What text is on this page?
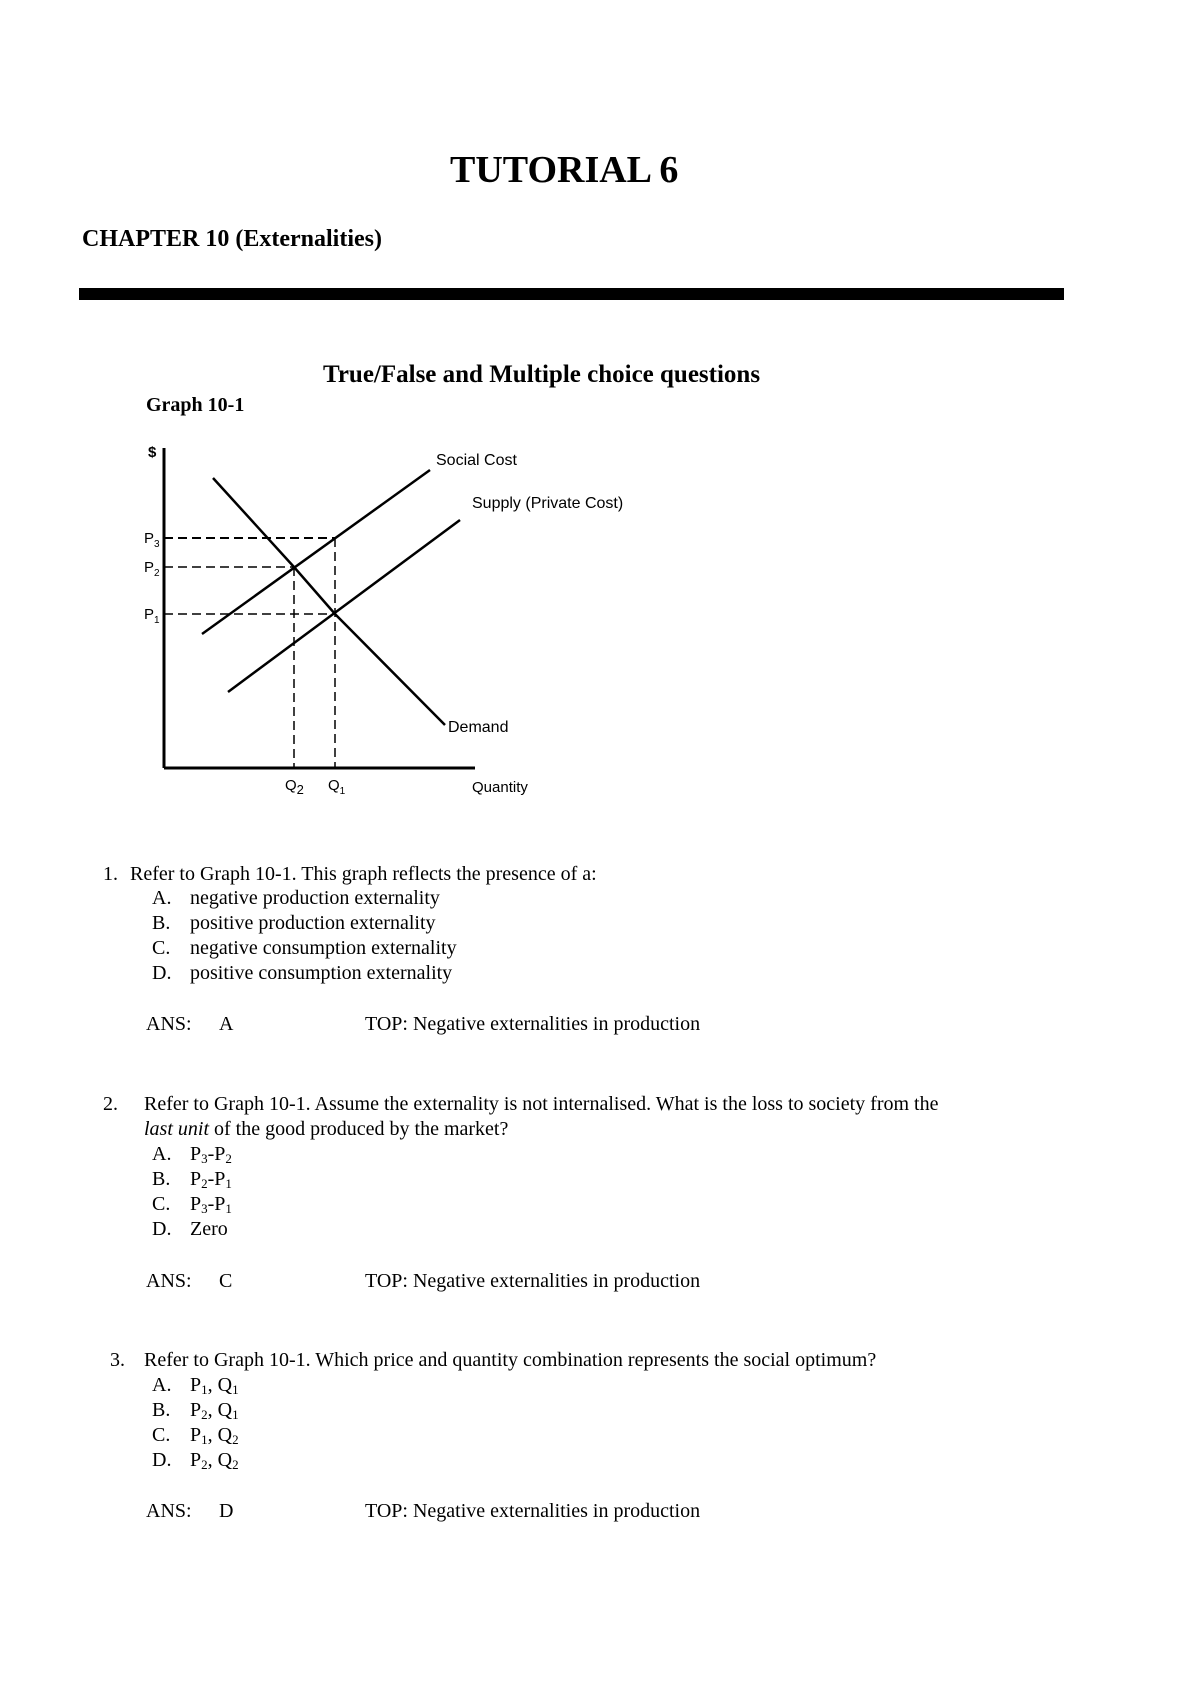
TUTORIAL 6
CHAPTER 10 (Externalities)
True/False and Multiple choice questions
Graph 10-1
$
Quantity
Social Cost
Supply (Private Cost)
Demand
$P_3$
$P_2$
$P_1$
Q2 $Q_1$
1. Refer to Graph 10-1. This graph reflects the presence of a:
A. negative production externality
B. positive production externality
C. negative consumption externality
D. positive consumption externality
ANS: A	TOP: Negative externalities in production
2. Refer to Graph 10-1. Assume the externality is not internalised. What is the loss to society from the
last unit of the good produced by the market?
A. $P_3-P_2$
B. $P_2-P_1$
C. $P_3-P_1$
D. Zero
ANS: C	TOP: Negative externalities in production
3. Refer to Graph 10-1. Which price and quantity combination represents the social optimum?
A. $P_1$, $Q_1$
B. $P_2$, $Q_1$
C. $P_1$, $Q_2$
D. $P_2$, $Q_2$
ANS: D	TOP: Negative externalities in production
